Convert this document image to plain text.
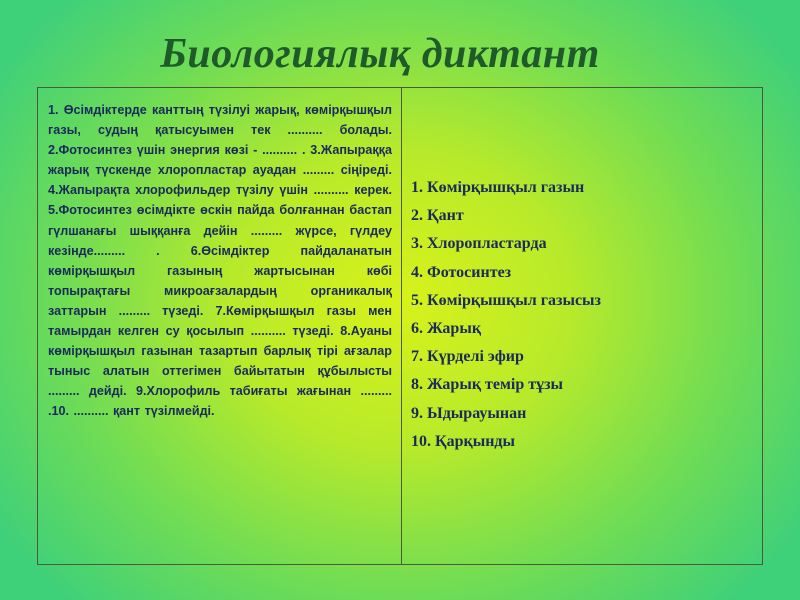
Биологиялық диктант

1. Өсімдіктерде канттың түзілуі жарық, көмірқышқыл газы, судың қатысуымен тек .......... болады. 2.Фотосинтез үшін энергия көзі - .......... . 3.Жапыраққа жарық түскенде хлоропластар ауадан ......... сіңіреді. 4.Жапырақта хлорофильдер түзілу үшін .......... керек. 5.Фотосинтез өсімдікте өскін пайда болғаннан бастап гүлшанағы шыққанға дейін ......... жүрсе, гүлдеу кезінде......... . 6.Өсімдіктер пайдаланатын көмірқышқыл газының жартысынан көбі топырақтағы микроағзалардың органикалық заттарын ......... түзеді. 7.Көмірқышқыл газы мен тамырдан келген су қосылып .......... түзеді. 8.Ауаны көмірқышқыл газынан тазартып барлық тірі ағзалар тыныс алатын оттегімен байытатын құбылысты ......... дейді. 9.Хлорофиль табиғаты жағынан ......... .10. .......... қант түзілмейді.

1. Көмірқышқыл газын
2. Қант
3. Хлоропластарда
4. Фотосинтез
5. Көмірқышқыл газысыз
6. Жарық
7. Күрделі эфир
8. Жарық темір тұзы
9. Ыдырауынан
10. Қарқынды
